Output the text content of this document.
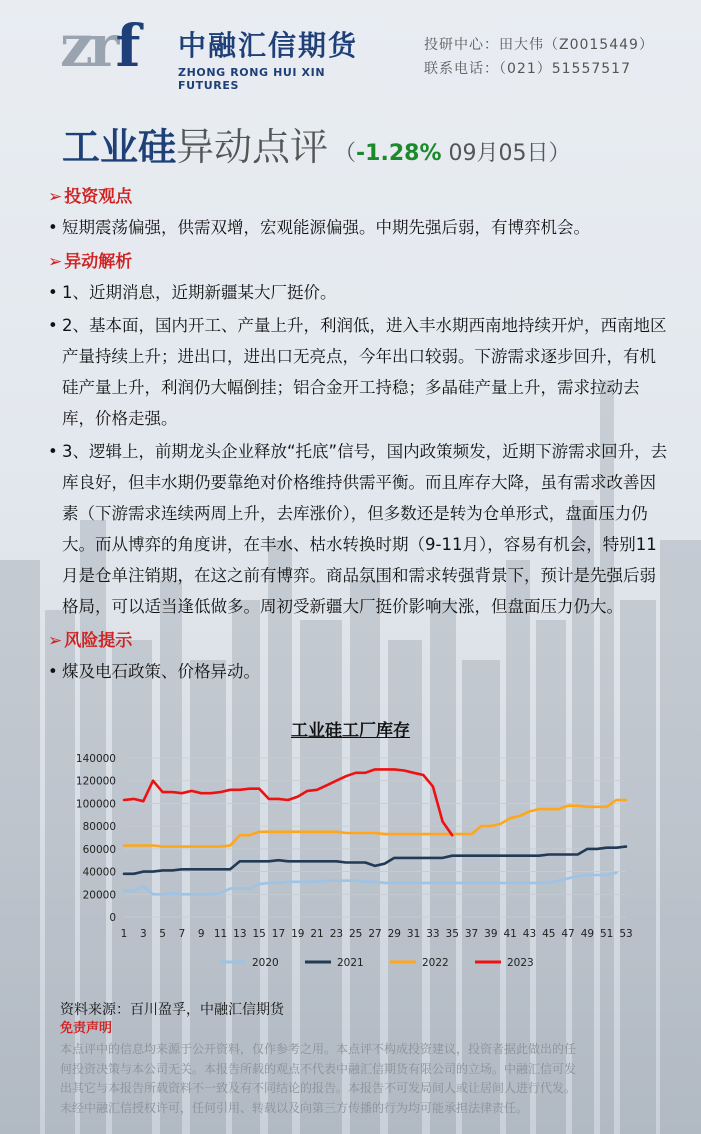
zrf 中融汇信期货
ZHONG RONG HUI XIN FUTURES
投研中心：田大伟（Z0015449）
联系电话：（021）51557517
工业硅异动点评 （-1.28% 09月05日）
➢ 投资观点
• 短期震荡偏强，供需双增，宏观能源偏强。中期先强后弱，有博弈机会。
➢ 异动解析
• 1、近期消息，近期新疆某大厂挺价。
• 2、基本面，国内开工、产量上升，利润低，进入丰水期西南地持续开炉，西南地区产量持续上升；进出口，进出口无亮点，今年出口较弱。下游需求逐步回升，有机硅产量上升，利润仍大幅倒挂；铝合金开工持稳；多晶硅产量上升，需求拉动去库，价格走强。
• 3、逻辑上，前期龙头企业释放“托底”信号，国内政策频发，近期下游需求回升，去库良好，但丰水期仍要靠绝对价格维持供需平衡。而且库存大降，虽有需求改善因素（下游需求连续两周上升，去库涨价），但多数还是转为仓单形式，盘面压力仍大。而从博弈的角度讲，在丰水、枯水转换时期（9-11月），容易有机会，特别11月是仓单注销期，在这之前有博弈。商品氛围和需求转强背景下，预计是先强后弱格局，可以适当逢低做多。周初受新疆大厂挺价影响大涨，但盘面压力仍大。
➢ 风险提示
• 煤及电石政策、价格异动。
工业硅工厂库存
0
20000
40000
60000
80000
100000
120000
140000
1 3 5 7 9 11 13 15 17 19 21 23 25 27 29 31 33 35 37 39 41 43 45 47 49 51 53
2020	2021	2022	2023
资料来源：百川盈孚，中融汇信期货
免责声明
本点评中的信息均来源于公开资料，仅作参考之用。本点评不构成投资建议，投资者据此做出的任
何投资决策与本公司无关。本报告所载的观点不代表中融汇信期货有限公司的立场。中融汇信可发
出其它与本报告所载资料不一致及有不同结论的报告。本报告不可发局间人或让居间人进行代发。
未经中融汇信授权许可，任何引用、转载以及向第三方传播的行为均可能承担法律责任。
